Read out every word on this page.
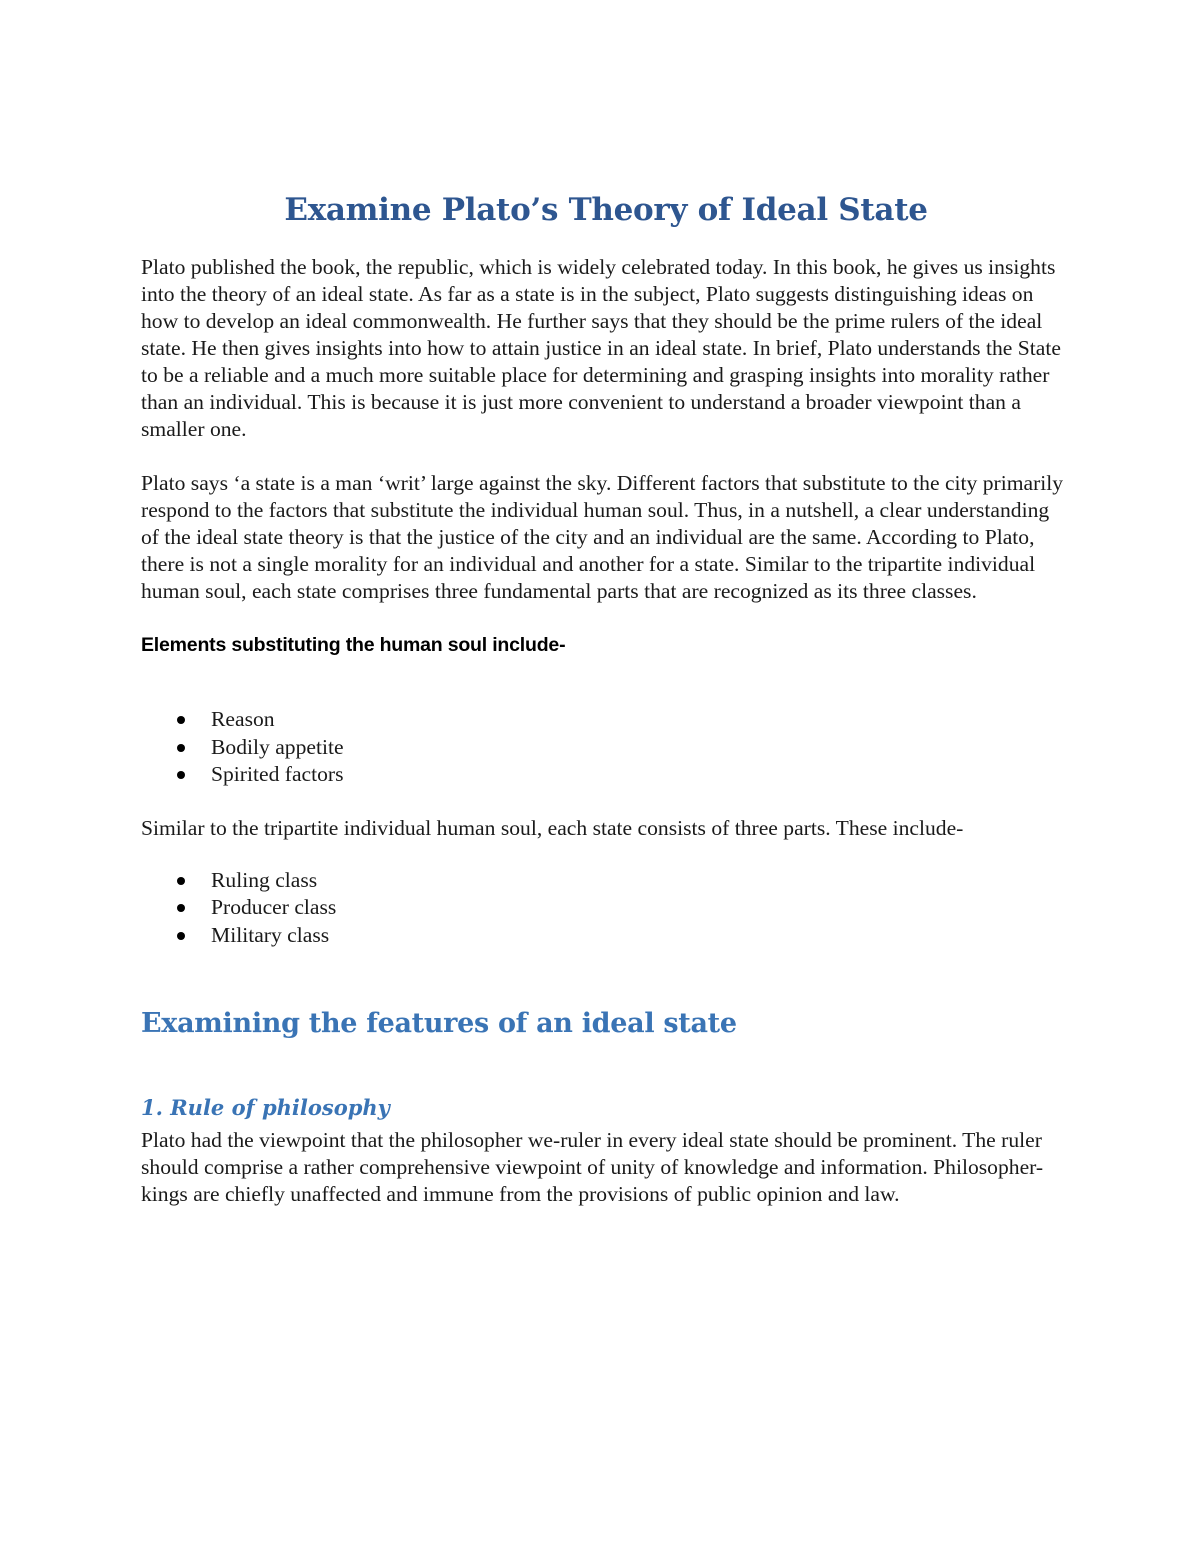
Examine Plato’s Theory of Ideal State

Plato published the book, the republic, which is widely celebrated today. In this book, he gives us insights into the theory of an ideal state. As far as a state is in the subject, Plato suggests distinguishing ideas on how to develop an ideal commonwealth. He further says that they should be the prime rulers of the ideal state. He then gives insights into how to attain justice in an ideal state. In brief, Plato understands the State to be a reliable and a much more suitable place for determining and grasping insights into morality rather than an individual. This is because it is just more convenient to understand a broader viewpoint than a smaller one.

Plato says ‘a state is a man ‘writ’ large against the sky. Different factors that substitute to the city primarily respond to the factors that substitute the individual human soul. Thus, in a nutshell, a clear understanding of the ideal state theory is that the justice of the city and an individual are the same. According to Plato, there is not a single morality for an individual and another for a state. Similar to the tripartite individual human soul, each state comprises three fundamental parts that are recognized as its three classes.

Elements substituting the human soul include-
Reason
Bodily appetite
Spirited factors

Similar to the tripartite individual human soul, each state consists of three parts. These include-

Ruling class
Producer class
Military class
Examining the features of an ideal state
1. Rule of philosophy

Plato had the viewpoint that the philosopher we-ruler in every ideal state should be prominent. The ruler should comprise a rather comprehensive viewpoint of unity of knowledge and information. Philosopher-kings are chiefly unaffected and immune from the provisions of public opinion and law.
